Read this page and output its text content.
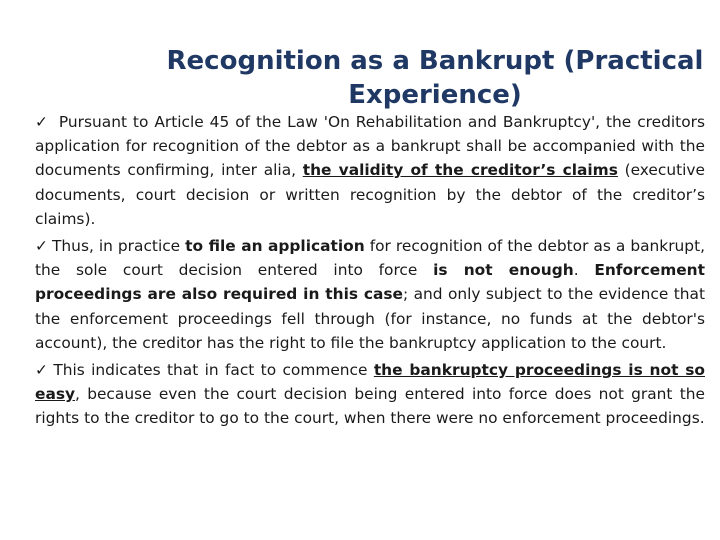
Recognition as a Bankrupt (Practical Experience)

✓ Pursuant to Article 45 of the Law 'On Rehabilitation and Bankruptcy', the creditors application for recognition of the debtor as a bankrupt shall be accompanied with the documents confirming, inter alia, the validity of the creditor’s claims (executive documents, court decision or written recognition by the debtor of the creditor’s claims).

✓ Thus, in practice to file an application for recognition of the debtor as a bankrupt, the sole court decision entered into force is not enough. Enforcement proceedings are also required in this case; and only subject to the evidence that the enforcement proceedings fell through (for instance, no funds at the debtor's account), the creditor has the right to file the bankruptcy application to the court.

✓ This indicates that in fact to commence the bankruptcy proceedings is not so easy, because even the court decision being entered into force does not grant the rights to the creditor to go to the court, when there were no enforcement proceedings.
